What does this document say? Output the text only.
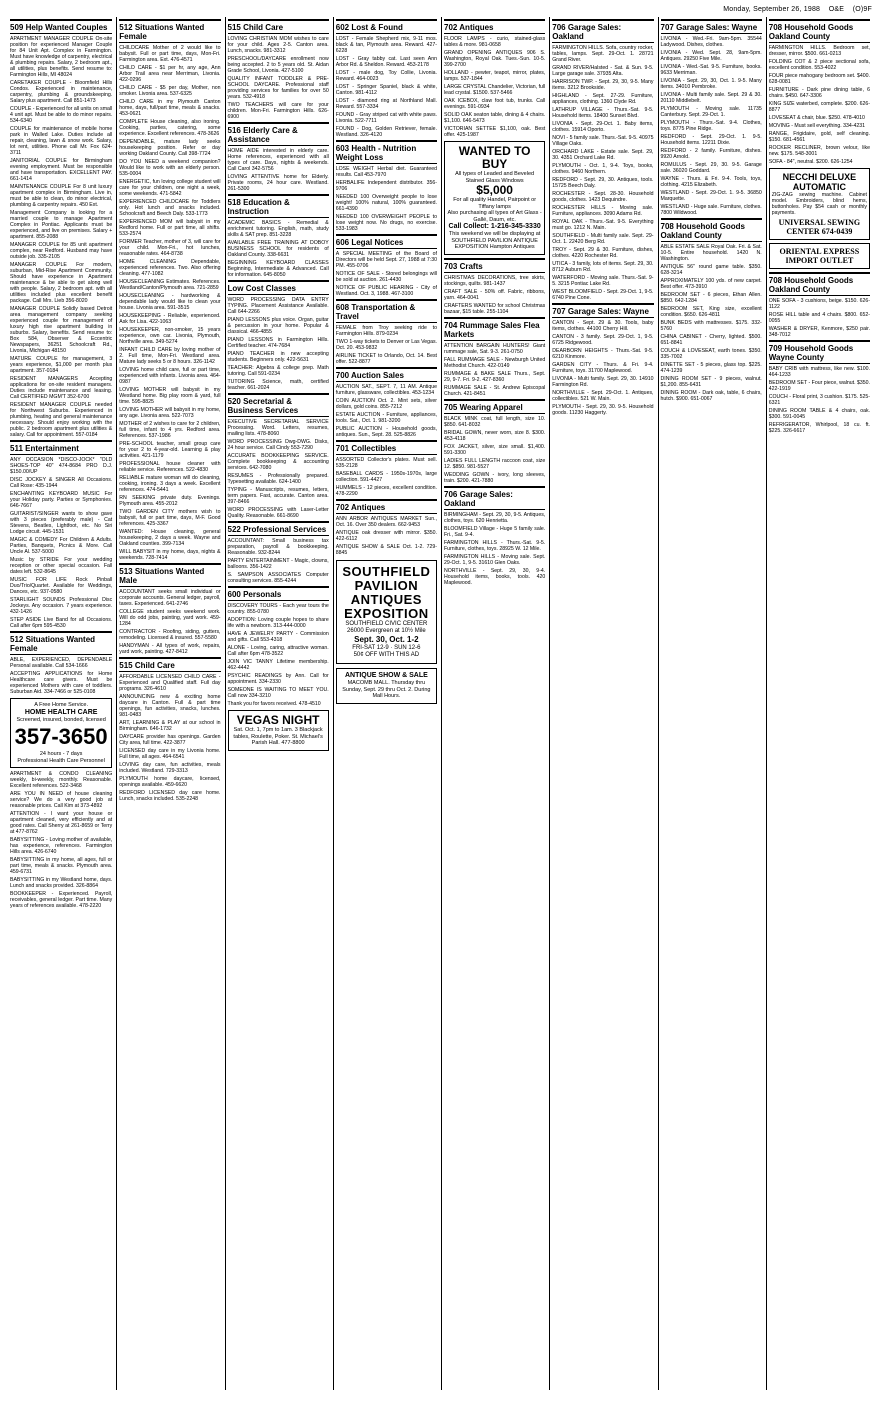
Monday, September 26, 1988 O&E (O)9F
509 Help Wanted Couples

APARTMENT MANAGER COUPLE On-site position for experienced Manager Couple for 84 Unit Apt. Complex in Farmington. Must have knowledge of carpentry, electrical & plumbing repairs. Salary, 2 bedroom apt., all utilities, plus benefits. Send resume to: Farmington Hills, MI 48024

CARETAKER COUPLE - Bloomfield Hills Condos. Experienced in maintenance, carpentry, plumbing & groundskeeping. Salary plus apartment. Call 851-1473

COUPLE - Experienced for all units on small 4 unit apt. Must be able to do minor repairs. 534-6340

COUPLE for maintenance of mobile home park in Walled Lake. Duties include all repair, cleaning, lawn & snow work. Salary, lot rent, utilities. Phone call Mr. Fox 624-3711

JANITORIAL COUPLE for Birmingham evening employment. Must be responsible and have transportation. EXCELLENT PAY. 661-1414

MAINTENANCE COUPLE For 8 unit luxury apartment complex in Birmingham. Live in, must be able to clean, do minor electrical, plumbing & carpentry repairs. 450 Ext.

Management Company is looking for a married couple to manage Apartment Complex in Pontiac. Applicants must be experienced, and live on premises. Salary + apartment. 855-2088

MANAGER COUPLE for 85 unit apartment complex, near Redford. Husband may have outside job. 335-2105

MANAGER COUPLE For modern, suburban, Mid-Rise Apartment Community. Should have experience in Apartment maintenance & be able to get along well with people. Salary, 2 bedroom apt. with all utilities included plus excellent benefit package. Call Mrs. Lieb 356-8020

MANAGER COUPLE Solidly based Detroit area management company seeking experienced couple for management of luxury high rise apartment building in suburbs. Salary, benefits. Send resume to: Box 584, Observer & Eccentric Newspapers, 36251 Schoolcraft Rd., Livonia, Michigan 48150

MATURE COUPLE for management, 3 years experience, $1,000 per month plus apartment. 357-0184

RESIDENT MANAGERS Accepting applications for on-site resident managers. Duties include maintenance and leasing. Call CERTIFIED MGM'T 352-6700

RESIDENT MANAGER COUPLE needed for Northwest Suburbs. Experienced in plumbing, heating and general maintenance necessary. Should enjoy working with the public. 2 bedroom apartment plus utilities & salary. Call for appointment. 557-0184

511 Entertainment

ANY OCCASION *DISCO-JOCK* "OLD SHOES-TOP 40" 474-8684 PRO D.J. $150.00/UP

DISC JOCKEY & SINGER All Occasions. Call Rose: 435-1944

ENCHANTING KEYBOARD MUSIC For your Holiday party. Parties or Symphonies. 646-7667

GUITARIST/SINGER wants to show gave with 3 pieces (preferably male) - Cat Stevens, Beatles, Lightfoot, etc. No Siri Lodge circuit. 445-1531

MAGIC & COMEDY For Children & Adults. Parties, Banquets, Picnics & More. Call Uncle Al. 537-5000

Music by STRIDE For your wedding reception or other special occasion. Fall dates left. 532-8645

MUSIC FOR LIFE Rock Pinball Duo/Trio/Quartet. Available for Weddings, Dances, etc. 937-0580

STARLIGHT SOUNDS Professional Disc Jockeys. Any occasion. 7 years experience. 432-1426

STEP ASIDE Live Band for all Occasions. Call after 6pm 595-4530

512 Situations Wanted Female

ABLE, EXPERIENCED, DEPENDABLE Personal available. Call 534-1666

ACCEPTING APPLICATIONS for Home Healthcare care givers. Must be experienced Mothers with care of toddlers. Suburban Aid. 334-7466 or 525-0108

A Free Home Service.
HOME HEALTH CARE
Screened, insured, bonded, licensed
357-3650
24 hours - 7 days
Professional Health Care Personnel

APARTMENT & CONDO CLEANING weekly, bi-weekly, monthly. Reasonable. Excellent references. 522-3468

ARE YOU IN NEED of house cleaning service? We do a very good job at reasonable prices. Call Kim at 373-4892

ATTENTION - I want your house or apartment cleaned, very efficiently and at good rates. Call Sherry at 261-8659 or Terry at 477-8762

BABYSITTING - Loving mother of available, has experience, references. Farmington Hills area. 426-6740

BABYSITTING in my home, all ages, full or part time, meals & snacks. Plymouth area. 459-6731

BABYSITTING in my Westland home, days. Lunch and snacks provided. 326-8864

BOOKKEEPER - Experienced. Payroll, receivables, general ledger. Part time. Many years of references available. 478-2220

512 Situations Wanted Female

CHILDCARE Mother of 2 would like to babysit. Full or part time, days, Mon-Fri. Farmington area. Ext. 476-4571

CHILD CARE - $1 per hr, any age, Ann Arbor Trail area near Merriman, Livonia. 422-0296

CHILD CARE - $5 per day, Mother, non smoker. Livonia area. 537-6325

CHILD CARE in my Plymouth Canton home, days, full/part time, meals & snacks. 453-0621

COMPLETE House cleaning, also ironing. Cooking, parties, catering, some experience. Excellent references. 478-3626

DEPENDABLE, mature lady seeks housekeeping position. Refer or day working Oakland County. Call 398-7724

DO YOU NEED a weekend companion? Would like to work with an elderly person. 535-0004

ENERGETIC, fun loving college student will care for your children, one night a week, some weekends. 471-5842

EXPERIENCED CHILDCARE for Toddlers only. Hot lunch and snacks included. Schoolcraft and Beech Daly. 533-1773

EXPERIENCED MOM will babysit in my Redford home. Full or part time, all shifts. 533-2574

FORMER Teacher, mother of 3, will care for your child. Mon-Fri., hot lunches, reasonable rates. 464-8738

HOME CLEANING Dependable, experienced references. Two. Also offering cleaning. 477-1082

HOUSECLEANING Estimates. References. Westland/Canton/Plymouth area. 721-2859

HOUSECLEANING - hardworking & dependable lady would like to clean your house. Livonia area. 591-3515

HOUSEKEEPING - Reliable, experienced. Ask for Lisa. 422-1063

HOUSEKEEPER, non-smoker, 15 years experience, own car. Livonia, Plymouth, Northville area. 349-5274

INFANT CHILD CARE by loving mother of 2. Full time, Mon-Fri. Westland area. Mature lady seeks 5 or 8 hours. 326-1142

LOVING home child care, full or part time, experienced with infants. Livonia area. 464-0987

LOVING MOTHER will babysit in my Westland home. Big play room & yard, full time. 595-8825

LOVING MOTHER will babysit in my home, any age. Livonia area. 522-7073

MOTHER of 2 wishes to care for 2 children, full time, infant to 4 yrs. Redford area. References. 537-1986

PRE-SCHOOL teacher, small group care for your 2 to 4-year-old. Learning & play activities. 421-1179

PROFESSIONAL house cleaner with reliable service. References. 522-4830

RELIABLE mature woman will do cleaning, cooking, ironing. 3 days a week. Excellent references. 474-5441

RN SEEKING private duty. Evenings. Plymouth area. 455-2012

TWO GARDEN CITY mothers wish to babysit, full or part time, days, M-F. Good references. 425-3367

WANTED: House cleaning, general housekeeping, 2 days a week. Wayne and Oakland counties. 399-7134

WILL BABYSIT in my home, days, nights & weekends. 728-7414

513 Situations Wanted Male

ACCOUNTANT seeks small individual or corporate accounts. General ledger, payroll, taxes. Experienced. 641-2746

COLLEGE student seeks weekend work. Will do odd jobs, painting, yard work. 459-1284

CONTRACTOR - Roofing, siding, gutters, remodeling. Licensed & insured. 557-5580

HANDYMAN - All types of work, repairs, yard work, painting. 427-8412

515 Child Care

AFFORDABLE LICENSED CHILD CARE - Experienced and Qualified staff. Full day programs. 326-4610

ANNOUNCING new & exciting home daycare in Canton. Full & part time openings, fun activities, snacks, lunches. 981-0483

ART, LEARNING & PLAY at our school in Birmingham. 646-1732

DAYCARE provider has openings. Garden City area, full time. 422-3877

LICENSED day care in my Livonia home. Full time, all ages. 464-6541

LOVING day care, fun activities, meals included. Westland. 729-3313

PLYMOUTH home daycare, licensed, openings available. 459-6620

REDFORD LICENSED day care home. Lunch, snacks included. 535-2248

515 Child Care

LOVING CHRISTIAN MOM wishes to care for your child. Ages 2-5. Canton area. Lunch, snacks. 981-3312

PRESCHOOL/DAYCARE enrollment now being accepted. 2 to 5 years old. St. Aidan Grade School, Livonia. 427-5100

QUALITY INFANT TODDLER & PRE-SCHOOL DAYCARE. Professional staff providing services for families for over 50 years. 532-4918

TWO TEACHERS will care for your children. Mon-Fri. Farmington Hills. 626-6900

516 Elderly Care & Assistance

HOME AIDE interested in elderly care. Home references, experienced with all types of care. Days, nights & weekends. Call Carol 342-5756

LOVING ATTENTIVE home for Elderly. Private rooms, 24 hour care. Westland. 261-5300

518 Education & Instruction

ACADEMIC BASICS - Remedial & enrichment tutoring. English, math, study skills & SAT prep. 851-3228

AVAILABLE FREE TRAINING AT DOBOY BUSINESS SCHOOL for residents of Oakland County. 338-6631

BEGINNING KEYBOARD CLASSES Beginning, Intermediate & Advanced. Call for information. 645-8050

Low Cost Classes

WORD PROCESSING DATA ENTRY TYPING. Placement Assistance Available. Call 644-2266

PIANO LESSONS plus voice. Organ, guitar & percussion in your home. Popular & classical. 466-4855

PIANO LESSONS in Farmington Hills. Certified teacher. 474-7684

PIANO TEACHER in new accepting students. Beginners only. 422-5631

TEACHER: Algebra & college prep. Math tutoring. Call 591-0234

TUTORING Science, math, certified teacher. 661-2024

520 Secretarial & Business Services

EXECUTIVE SECRETARIAL SERVICE Processing. Word. Letters, resumes, mailing lists. 478-8060

WORD PROCESSING Dwg-DWG. Disks, 24 hour service. Call Cindy 553-7290

ACCURATE BOOKKEEPING SERVICE. Complete bookkeeping & accounting services. 642-7080

RESUMES - Professionally prepared. Typesetting available. 624-1400

TYPING - Manuscripts, resumes, letters, term papers. Fast, accurate. Canton area. 397-8466

WORD PROCESSING with Laser-Letter Quality. Reasonable. 661-8690

522 Professional Services

ACCOUNTANT: Small business tax preparation, payroll & bookkeeping. Reasonable. 932-8244

PARTY ENTERTAINMENT - Magic, clowns, balloons. 356-1422

S. SAMPSON ASSOCIATES Computer consulting services. 855-4244

600 Personals

DISCOVERY TOURS - Each year tours the country. 855-0780

ADOPTION: Loving couple hopes to share life with a newborn. 313-444-0000

HAVE A JEWELRY PARTY - Commission and gifts. Call 553-4318

ALONE - Loving, caring, attractive woman. Call after 6pm 478-3522

JOIN VIC TANNY Lifetime membership. 462-4442

PSYCHIC READINGS by Ann. Call for appointment. 334-2330

SOMEONE IS WAITING TO MEET YOU. Call now 334-3210

Thank you for favors received. 478-4510

VEGAS NIGHT
Sat. Oct. 1, 7pm to 1am. 3 Blackjack tables, Roulette, Poker. St. Michael's Parish Hall. 477-8800
602 Lost & Found

LOST - Female Shepherd mix, 9-11 mos. black & tan, Plymouth area. Reward. 427-6228

LOST - Gray tabby cat. Last seen Ann Arbor Rd. & Sheldon. Reward. 453-2178

LOST - male dog, Toy Collie, Livonia. Reward. 464-0023

LOST - Springer Spaniel, black & white, Canton. 981-4112

LOST - diamond ring at Northland Mall. Reward. 557-3334

FOUND - Gray striped cat with white paws. Livonia. 522-7711

FOUND - Dog, Golden Retriever, female. Westland. 326-4120

603 Health - Nutrition Weight Loss

LOSE WEIGHT Herbal diet. Guaranteed results. Call 453-7970

HERBALIFE Independent distributor. 356-9706

NEEDED 100 Overweight people to lose weight! 100% natural, 100% guaranteed. 661-4390

NEEDED 100 OVERWEIGHT PEOPLE to lose weight now. No drugs, no exercise. 533-1983

606 Legal Notices

A SPECIAL MEETING of the Board of Directors will be held Sept. 27, 1988 at 7:30 PM. 455-0706

NOTICE OF SALE - Stored belongings will be sold at auction. 261-4430

NOTICE OF PUBLIC HEARING - City of Westland. Oct. 3, 1988. 467-3100

608 Transportation & Travel

FEMALE from Troy seeking ride to Farmington Hills. 879-0234

TWO 1-way tickets to Denver or Las Vegas. Oct. 20. 453-9832

AIRLINE TICKET to Orlando, Oct. 14. Best offer. 522-8877

700 Auction Sales

AUCTION SAT., SEPT. 7, 11 AM. Antique furniture, glassware, collectibles. 453-1234

COIN AUCTION Oct. 2. Mint sets, silver dollars, gold coins. 855-7212

ESTATE AUCTION - Furniture, appliances, tools. Sat., Oct. 1. 981-3200

PUBLIC AUCTION - Household goods, antiques. Sun., Sept. 28. 525-8826

701 Collectibles

ASSORTED Collector's plates. Must sell. 535-2128

BASEBALL CARDS - 1950s-1970s, large collection. 591-4427

HUMMELS - 12 pieces, excellent condition. 478-2290

702 Antiques

ANN ARBOR ANTIQUES MARKET Sun., Oct. 16. Over 350 dealers. 662-9453

ANTIQUE oak dresser with mirror. $350. 422-6112

ANTIQUE SHOW & SALE Oct. 1-2. 729-8845

SOUTHFIELD PAVILION ANTIQUES EXPOSITION
SOUTHFIELD CIVIC CENTER 26000 Evergreen at 10½ Mile
Sept. 30, Oct. 1-2
FRI-SAT 12-9 · SUN 12-6
50¢ OFF WITH THIS AD
ANTIQUE SHOW & SALE
MACOMB MALL. Thursday thru Sunday, Sept. 29 thru Oct. 2. During Mall Hours.
702 Antiques

FLOOR LAMPS - curio, stained-glass tables & more. 981-0658

GRAND OPENING ANTIQUES 906 S. Washington, Royal Oak. Tues.-Sun. 10-5. 399-2700

HOLLAND - pewter, teapot, mirror, plates, lamps. 537-1844

LARGE CRYSTAL Chandelier, Victorian, full lead crystal. $1500. 537-5466

OAK ICEBOX, claw foot tub, trunks. Call evenings. 591-0934

SOLID OAK seaton table, dining & 4 chairs. $1,100. 646-5473

VICTORIAN SETTEE $1,100, oak. Best offer. 425-1987

WANTED TO BUY
All types of Leaded and Beveled Stained Glass Windows
$5,000
For all quality Handel, Pairpoint or Tiffany lamps
Also purchasing all types of Art Glass - Gallé, Daum, etc.
Call Collect: 1-216-345-3330
This weekend we will be displaying at SOUTHFIELD PAVILION ANTIQUE EXPOSITION Hampton Antiques
703 Crafts

CHRISTMAS DECORATIONS, tree skirts, stockings, quilts. 981-1437

CRAFT SALE - 50% off. Fabric, ribbons, yarn. 464-0041

CRAFTERS WANTED for school Christmas bazaar, $15 table. 255-1104

704 Rummage Sales Flea Markets

ATTENTION BARGAIN HUNTERS! Giant rummage sale, Sat. 9-3. 261-0750

FALL RUMMAGE SALE - Newburgh United Methodist Church. 422-0149

RUMMAGE & BAKE SALE Thurs., Sept. 29, 9-7. Fri. 9-2. 427-8360

RUMMAGE SALE - St. Andrew Episcopal Church. 421-8451

705 Wearing Apparel

BLACK MINK coat, full length, size 10. $850. 641-8032

BRIDAL GOWN, never worn, size 8. $300. 453-4118

FOX JACKET, silver, size small. $1,400. 591-3300

LADIES FULL LENGTH raccoon coat, size 12. $850. 981-5527

WEDDING GOWN - ivory, long sleeves, train. $200. 421-7880

706 Garage Sales: Oakland

BIRMINGHAM - Sept. 29, 30, 9-5. Antiques, clothes, toys. 620 Henrietta.

BLOOMFIELD Village - Huge 5 family sale. Fri., Sat. 9-4.

FARMINGTON HILLS - Thurs.-Sat. 9-5. Furniture, clothes, toys. 28925 W. 12 Mile.

FARMINGTON HILLS - Moving sale. Sept. 29-Oct. 1, 9-5. 31610 Glen Oaks.

NORTHVILLE - Sept. 29, 30, 9-4. Household items, books, tools. 420 Maplewood.

706 Garage Sales: Oakland

FARMINGTON HILLS. Sofa, country rocker, tables, lamps. Sept. 29-Oct. 1. 28721 Grand River.

GRAND RIVER/Halsted - Sat. & Sun. 9-5. Large garage sale. 37935 Alta.

HARRISON TWP. - Sept. 29, 30, 9-5. Many items. 3212 Brookside.

HIGHLAND - Sept. 27-29. Furniture, appliances, clothing. 1360 Clyde Rd.

LATHRUP VILLAGE - Thurs.-Sat. 9-5. Household items. 18400 Sunset Blvd.

LIVONIA - Sept. 29-Oct. 1. Baby items, clothes. 15914 Oporto.

NOVI - 5 family sale. Thurs.-Sat. 9-5. 40975 Village Oaks.

ORCHARD LAKE - Estate sale. Sept. 29, 30. 4351 Orchard Lake Rd.

PLYMOUTH - Oct. 1, 9-4. Toys, books, clothes. 9460 Northern.

REDFORD - Sept. 29, 30. Antiques, tools. 15725 Beech Daly.

ROCHESTER - Sept. 28-30. Household goods, clothes. 1423 Dequindre.

ROCHESTER HILLS - Moving sale. Furniture, appliances. 3090 Adams Rd.

ROYAL OAK - Thurs.-Sat. 9-5. Everything must go. 1212 N. Main.

SOUTHFIELD - Multi family sale. Sept. 29-Oct. 1. 22420 Berg Rd.

TROY - Sept. 29 & 30. Furniture, dishes, clothes. 4220 Rochester Rd.

UTICA - 3 family, lots of items. Sept. 29, 30. 8712 Auburn Rd.

WATERFORD - Moving sale. Thurs.-Sat. 9-5. 3215 Pontiac Lake Rd.

WEST BLOOMFIELD - Sept. 29-Oct. 1, 9-5. 6740 Pine Cone.

707 Garage Sales: Wayne

CANTON - Sept. 29 & 30. Tools, baby items, clothes. 44100 Cherry Hill.

CANTON - 3 family. Sept. 29-Oct. 1, 9-5. 6725 Ridgewood.

DEARBORN HEIGHTS - Thurs.-Sat. 9-5. 6210 Kinmore.

GARDEN CITY - Thurs. & Fri. 9-4. Furniture, toys. 31700 Maplewood.

LIVONIA - Multi family. Sept. 29, 30. 14910 Farmington Rd.

NORTHVILLE - Sept. 29-Oct. 1. Antiques, collectibles. 521 W. Main.

PLYMOUTH - Sept. 29, 30. 9-5. Household goods. 11230 Haggerty.

707 Garage Sales: Wayne

LIVONIA - Wed.-Fri. 9am-5pm. 35544 Ladywood. Dishes, clothes.

LIVONIA - Wed. Sept. 28, 9am-5pm. Antiques. 29250 Five Mile.

LIVONIA - Wed.-Sat. 9-5. Furniture, books. 9633 Merriman.

LIVONIA - Sept. 29, 30, Oct. 1. 9-5. Many items. 34010 Pembroke.

LIVONIA - Multi family sale. Sept. 29 & 30. 20110 Middlebelt.

PLYMOUTH - Moving sale. 11735 Canterbury. Sept. 29-Oct. 1.

PLYMOUTH - Thurs.-Sat. 9-4. Clothes, toys. 8775 Pine Ridge.

REDFORD - Sept. 29-Oct. 1. 9-5. Household items. 12211 Dixie.

REDFORD - 2 family. Furniture, dishes. 9920 Arnold.

ROMULUS - Sept. 29, 30. 9-5. Garage sale. 36020 Goddard.

WAYNE - Thurs. & Fri. 9-4. Tools, toys, clothing. 4215 Elizabeth.

WESTLAND - Sept. 29-Oct. 1. 9-5. 36850 Marquette.

WESTLAND - Huge sale. Furniture, clothes. 7800 Wildwood.

708 Household Goods Oakland County

ABLE ESTATE SALE Royal Oak. Fri. & Sat. 10-5. Entire household. 1420 N. Washington.

ANTIQUE 56" round game table. $350. 628-3214

APPROXIMATELY 100 yds. of new carpet. Best offer. 473-3910

BEDROOM SET - 6 pieces, Ethan Allen. $850. 642-1284

BEDROOM SET, King size, excellent condition. $650. 626-4811

BUNK BEDS with mattresses. $175. 332-5760

CHINA CABINET - Cherry, lighted. $500. 651-8841

COUCH & LOVESEAT, earth tones. $350. 335-7002

DINETTE SET - 5 pieces, glass top. $225. 474-1239

DINING ROOM SET - 9 pieces, walnut. $1,200. 855-6431

DINING ROOM - Dark oak, table, 6 chairs, hutch. $900. 651-0067

708 Household Goods Oakland County

FARMINGTON HILLS. Bedroom set, dresser, mirror. $500. 661-0213

FOLDING COT & 2 piece sectional sofa, excellent condition. 553-4022

FOUR piece mahogany bedroom set. $400. 628-0081

FURNITURE - Dark pine dining table, 6 chairs. $450. 647-3306

KING SIZE waterbed, complete. $200. 626-8877

LOVESEAT & chair, blue. $250. 478-4010

MOVING - Must sell everything. 334-4231

RANGE, Frigidaire, gold, self cleaning. $150. 681-4561

ROCKER RECLINER, brown velour, like new. $175. 548-3001

SOFA - 84", neutral. $200. 626-1254

NECCHI DELUXE AUTOMATIC
ZIG-ZAG sewing machine. Cabinet model. Embroiders, blind hems, buttonholes. Pay $54 cash or monthly payments.
UNIVERSAL SEWING CENTER 674-0439
ORIENTAL EXPRESS
IMPORT OUTLET
708 Household Goods Oakland County

ONE SOFA - 3 cushions, beige. $150. 626-1122

ROSE HILL table and 4 chairs. $800. 652-0055

WASHER & DRYER, Kenmore, $250 pair. 348-7012

709 Household Goods Wayne County

BABY CRIB with mattress, like new. $100. 464-1233

BEDROOM SET - Four piece, walnut. $350. 422-1919

COUCH - Floral print, 3 cushion. $175. 525-6321

DINING ROOM TABLE & 4 chairs, oak. $300. 591-0045

REFRIGERATOR, Whirlpool, 18 cu. ft. $225. 326-6617
